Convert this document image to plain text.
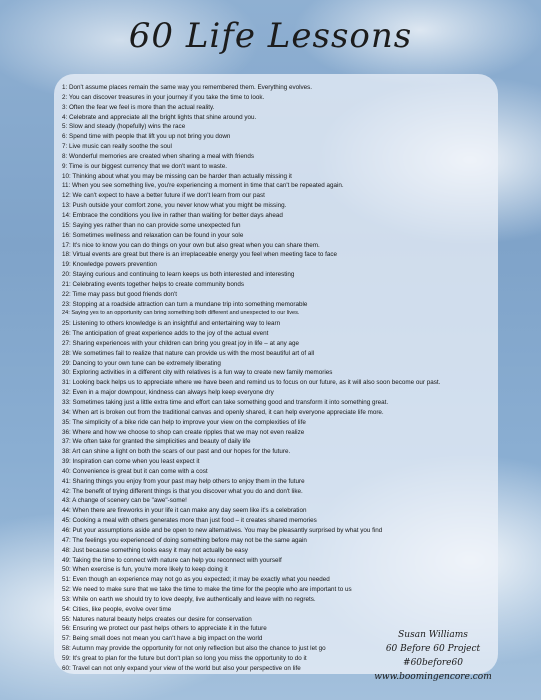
60 Life Lessons
1: Don't assume places remain the same way you remembered them. Everything evolves.
2: You can discover treasures in your journey if you take the time to look.
3: Often the fear we feel is more than the actual reality.
4: Celebrate and appreciate all the bright lights that shine around you.
5: Slow and steady (hopefully) wins the race
6: Spend time with people that lift you up not bring you down
7: Live music can really soothe the soul
8: Wonderful memories are created when sharing a meal with friends
9: Time is our biggest currency that we don't want to waste.
10: Thinking about what you may be missing can be harder than actually missing it
11: When you see something live, you're experiencing a moment in time that can't be repeated again.
12: We can't expect to have a better future if we don't learn from our past
13: Push outside your comfort zone, you never know what you might be missing.
14: Embrace the conditions you live in rather than waiting for better days ahead
15: Saying yes rather than no can provide some unexpected fun
16: Sometimes wellness and relaxation can be found in your sole
17: It's nice to know you can do things on your own but also great when you can share them.
18: Virtual events are great but there is an irreplaceable energy you feel when meeting face to face
19: Knowledge powers prevention
20: Staying curious and continuing to learn keeps us both interested and interesting
21: Celebrating events together helps to create community bonds
22: Time may pass but good friends don't
23: Stopping at a roadside attraction can turn a mundane trip into something memorable
24: Saying yes to an opportunity can bring something both different and unexpected to our lives.
25: Listening to others knowledge is an insightful and entertaining way to learn
26: The anticipation of great experience adds to the joy of the actual event
27: Sharing experiences with your children can bring you great joy in life – at any age
28: We sometimes fail to realize that nature can provide us with the most beautiful art of all
29: Dancing to your own tune can be extremely liberating
30: Exploring activities in a different city with relatives is a fun way to create new family memories
31: Looking back helps us to appreciate where we have been and remind us to focus on our future, as it will also soon become our past.
32: Even in a major downpour, kindness can always help keep everyone dry
33: Sometimes taking just a little extra time and effort can take something good and transform it into something great.
34: When art is broken out from the traditional canvas and openly shared, it can help everyone appreciate life more.
35: The simplicity of a bike ride can help to improve your view on the complexities of life
36: Where and how we choose to shop can create ripples that we may not even realize
37: We often take for granted the simplicities and beauty of daily life
38: Art can shine a light on both the scars of our past and our hopes for the future.
39: Inspiration can come when you least expect it
40: Convenience is great but it can come with a cost
41: Sharing things you enjoy from your past may help others to enjoy them in the future
42: The benefit of trying different things is that you discover what you do and don't like.
43: A change of scenery can be "awe"-some!
44: When there are fireworks in your life it can make any day seem like it's a celebration
45: Cooking a meal with others generates more than just food – it creates shared memories
46: Put your assumptions aside and be open to new alternatives. You may be pleasantly surprised by what you find
47: The feelings you experienced of doing something before may not be the same again
48: Just because something looks easy it may not actually be easy
49: Taking the time to connect with nature can help you reconnect with yourself
50: When exercise is fun, you're more likely to keep doing it
51: Even though an experience may not go as you expected; it may be exactly what you needed
52: We need to make sure that we take the time to make the time for the people who are important to us
53: While on earth we should try to love deeply, live authentically and leave with no regrets.
54: Cities, like people, evolve over time
55: Natures natural beauty helps creates our desire for conservation
56: Ensuring we protect our past helps others to appreciate it in the future
57: Being small does not mean you can't have a big impact on the world
58: Autumn may provide the opportunity for not only reflection but also the chance to just let go
59: It's great to plan for the future but don't plan so long you miss the opportunity to do it
60: Travel can not only expand your view of the world but also your perspective on life
Susan Williams
60 Before 60 Project
#60before60
www.boomingencore.com
